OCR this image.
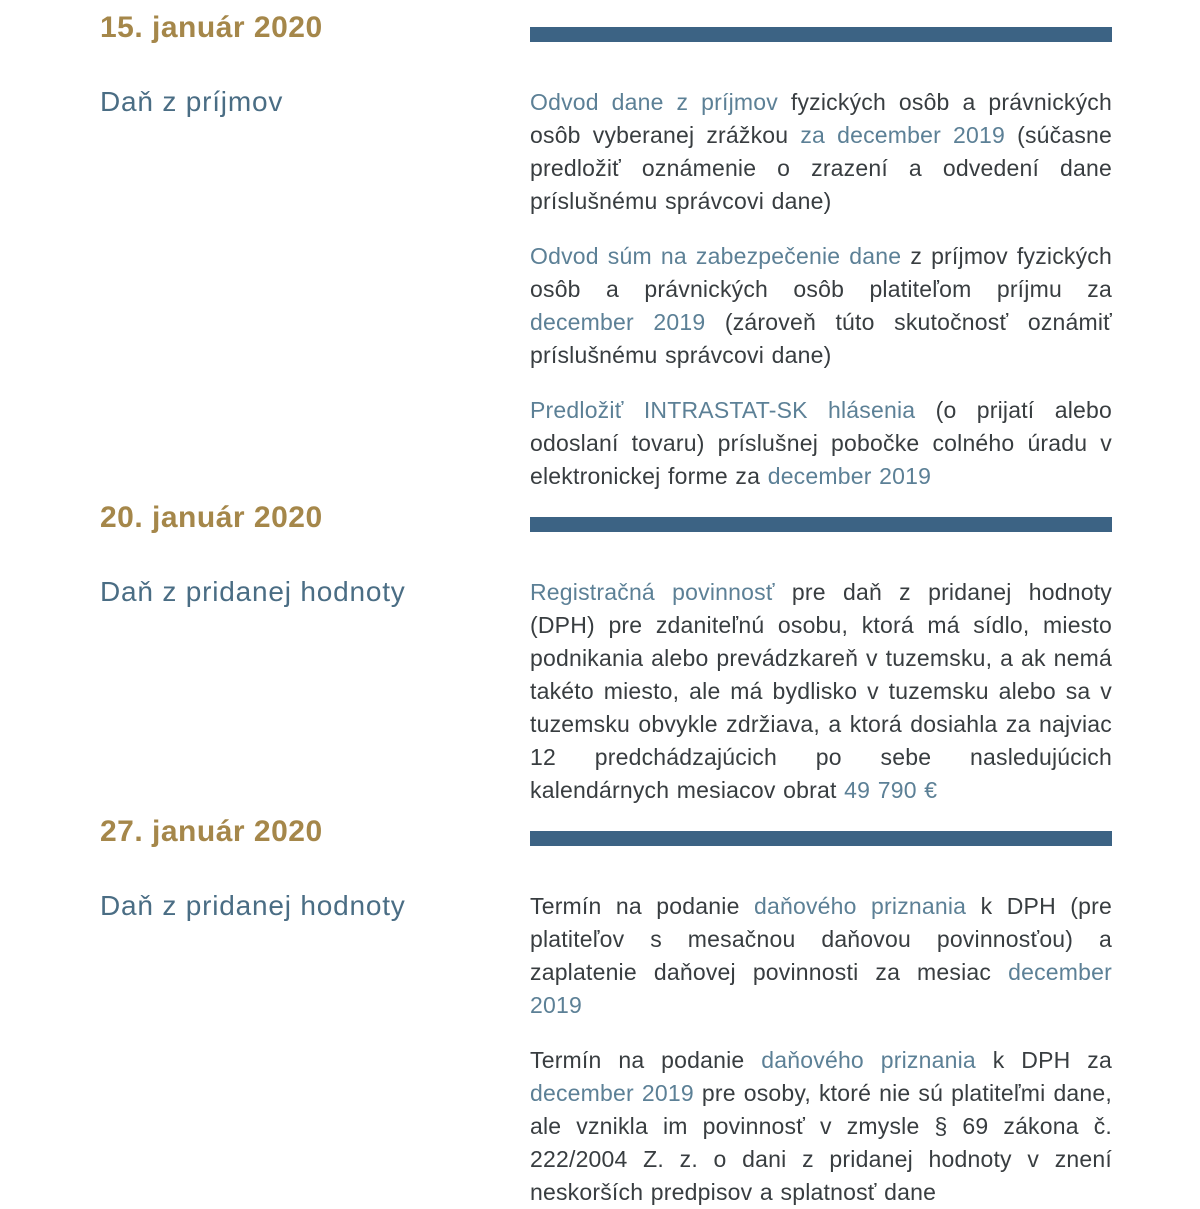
15. január 2020
Daň z príjmov	Odvod dane z príjmov fyzických osôb a právnických osôb vyberanej zrážkou za december 2019 (súčasne predložiť oznámenie o zrazení a odvedení dane príslušnému správcovi dane)

Odvod súm na zabezpečenie dane z príjmov fyzických osôb a právnických osôb platiteľom príjmu za december 2019 (zároveň túto skutočnosť oznámiť príslušnému správcovi dane)

Predložiť INTRASTAT-SK hlásenia (o prijatí alebo odoslaní tovaru) príslušnej pobočke colného úradu v elektronickej forme za december 2019

20. január 2020
Daň z pridanej hodnoty	Registračná povinnosť pre daň z pridanej hodnoty (DPH) pre zdaniteľnú osobu, ktorá má sídlo, miesto podnikania alebo prevádzkareň v tuzemsku, a ak nemá takéto miesto, ale má bydlisko v tuzemsku alebo sa v tuzemsku obvykle zdržiava, a ktorá dosiahla za najviac 12 predchádzajúcich po sebe nasledujúcich kalendárnych mesiacov obrat 49 790 €

27. január 2020
Daň z pridanej hodnoty	Termín na podanie daňového priznania k DPH (pre platiteľov s mesačnou daňovou povinnosťou) a zaplatenie daňovej povinnosti za mesiac december 2019

Termín na podanie daňového priznania k DPH za december 2019 pre osoby, ktoré nie sú platiteľmi dane, ale vznikla im povinnosť v zmysle § 69 zákona č. 222/2004 Z. z. o dani z pridanej hodnoty v znení neskorších predpisov a splatnosť dane
